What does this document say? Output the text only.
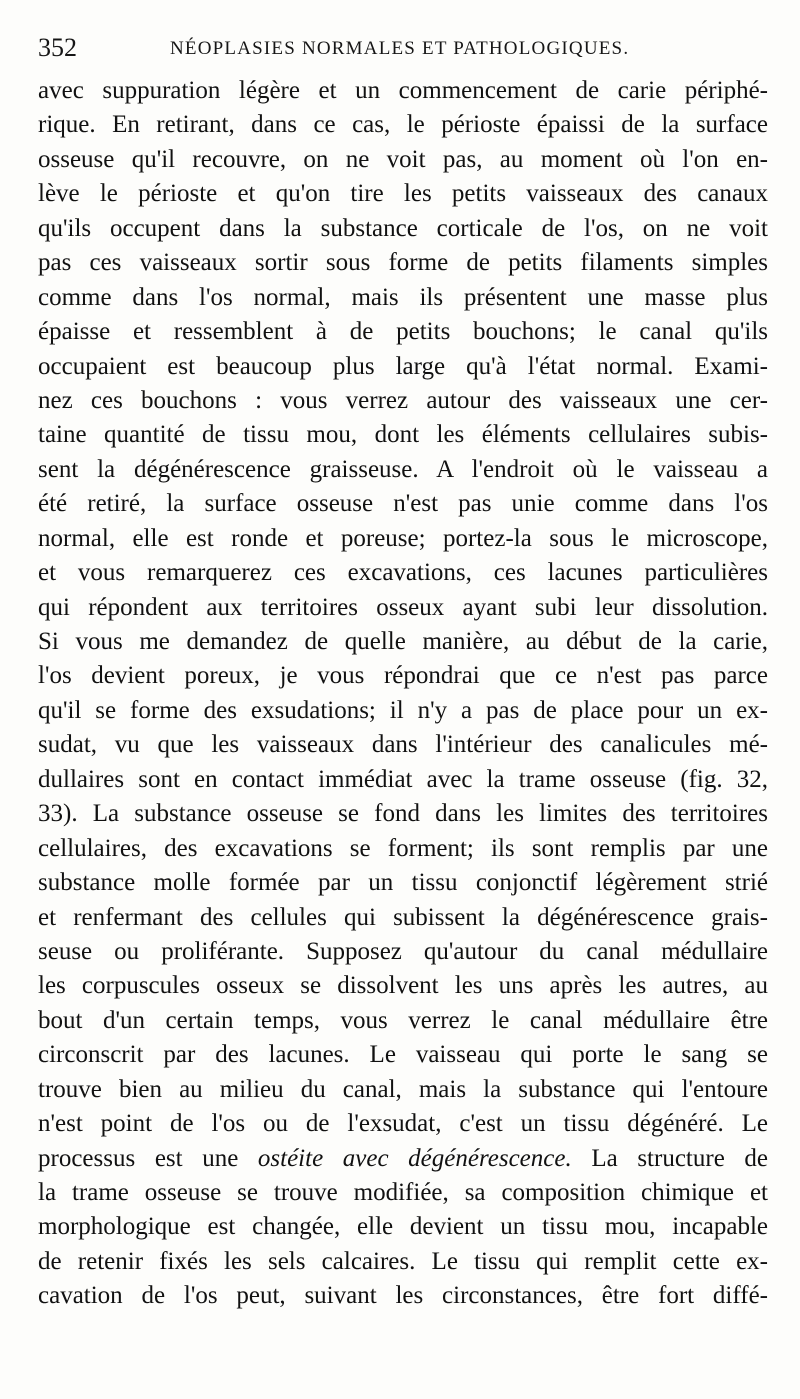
352	NÉOPLASIES NORMALES ET PATHOLOGIQUES.
avec suppuration légère et un commencement de carie périphé-
rique. En retirant, dans ce cas, le périoste épaissi de la surface
osseuse qu'il recouvre, on ne voit pas, au moment où l'on en-
lève le périoste et qu'on tire les petits vaisseaux des canaux
qu'ils occupent dans la substance corticale de l'os, on ne voit
pas ces vaisseaux sortir sous forme de petits filaments simples
comme dans l'os normal, mais ils présentent une masse plus
épaisse et ressemblent à de petits bouchons; le canal qu'ils
occupaient est beaucoup plus large qu'à l'état normal. Exami-
nez ces bouchons : vous verrez autour des vaisseaux une cer-
taine quantité de tissu mou, dont les éléments cellulaires subis-
sent la dégénérescence graisseuse. A l'endroit où le vaisseau a
été retiré, la surface osseuse n'est pas unie comme dans l'os
normal, elle est ronde et poreuse; portez-la sous le microscope,
et vous remarquerez ces excavations, ces lacunes particulières
qui répondent aux territoires osseux ayant subi leur dissolution.
Si vous me demandez de quelle manière, au début de la carie,
l'os devient poreux, je vous répondrai que ce n'est pas parce
qu'il se forme des exsudations; il n'y a pas de place pour un ex-
sudat, vu que les vaisseaux dans l'intérieur des canalicules mé-
dullaires sont en contact immédiat avec la trame osseuse (fig. 32,
33). La substance osseuse se fond dans les limites des territoires
cellulaires, des excavations se forment; ils sont remplis par une
substance molle formée par un tissu conjonctif légèrement strié
et renfermant des cellules qui subissent la dégénérescence grais-
seuse ou proliférante. Supposez qu'autour du canal médullaire
les corpuscules osseux se dissolvent les uns après les autres, au
bout d'un certain temps, vous verrez le canal médullaire être
circonscrit par des lacunes. Le vaisseau qui porte le sang se
trouve bien au milieu du canal, mais la substance qui l'entoure
n'est point de l'os ou de l'exsudat, c'est un tissu dégénéré. Le
processus est une ostéite avec dégénérescence. La structure de
la trame osseuse se trouve modifiée, sa composition chimique et
morphologique est changée, elle devient un tissu mou, incapable
de retenir fixés les sels calcaires. Le tissu qui remplit cette ex-
cavation de l'os peut, suivant les circonstances, être fort diffé-
